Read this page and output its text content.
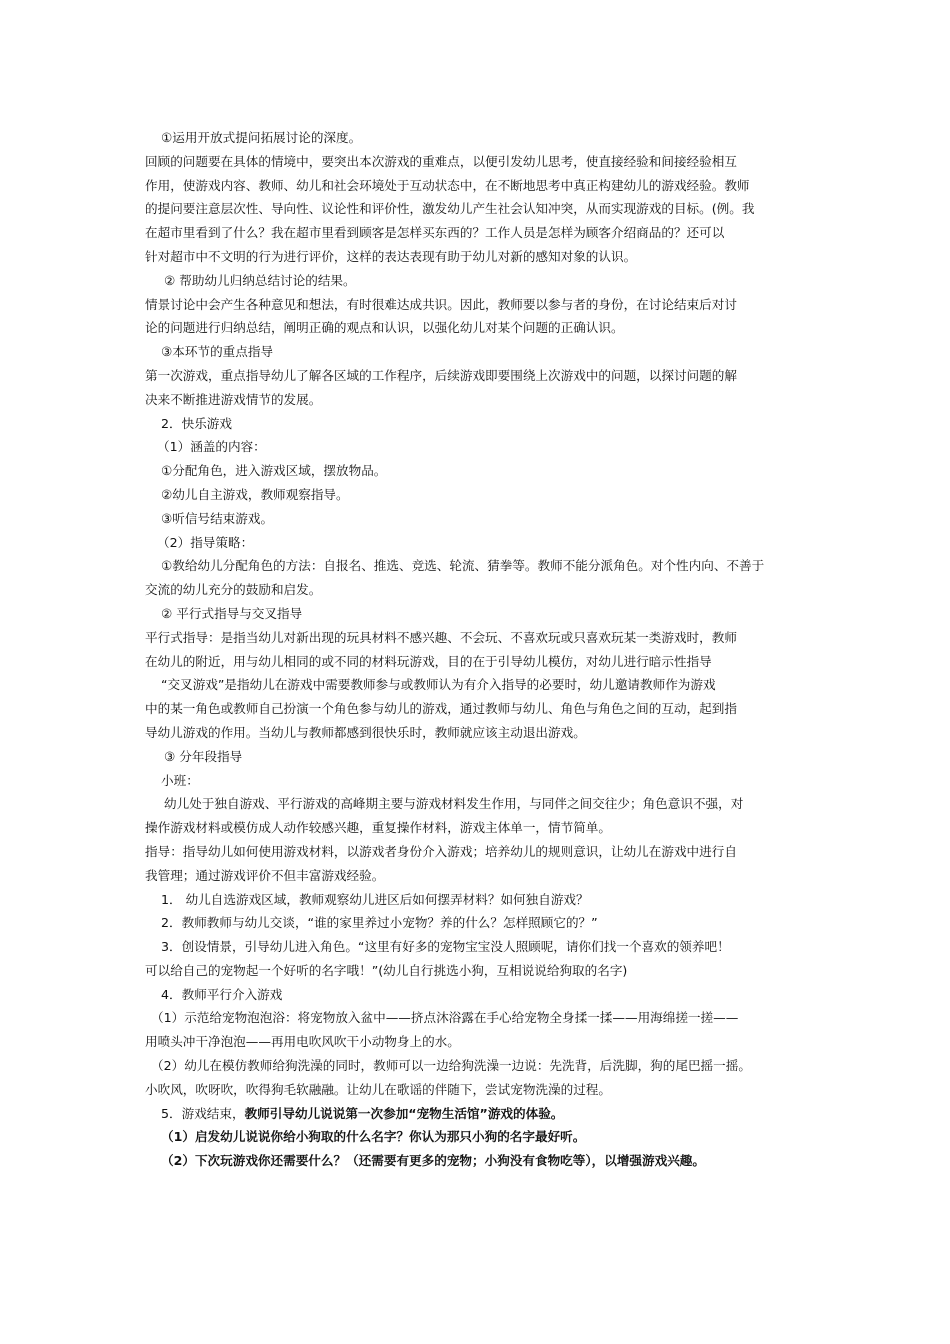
①运用开放式提问拓展讨论的深度。
回顾的问题要在具体的情境中，要突出本次游戏的重难点，以便引发幼儿思考，使直接经验和间接经验相互
作用，使游戏内容、教师、幼儿和社会环境处于互动状态中，在不断地思考中真正构建幼儿的游戏经验。教师
的提问要注意层次性、导向性、议论性和评价性，激发幼儿产生社会认知冲突，从而实现游戏的目标。(例。我
在超市里看到了什么？我在超市里看到顾客是怎样买东西的？工作人员是怎样为顾客介绍商品的？还可以
针对超市中不文明的行为进行评价，这样的表达表现有助于幼儿对新的感知对象的认识。
② 帮助幼儿归纳总结讨论的结果。
情景讨论中会产生各种意见和想法，有时很难达成共识。因此，教师要以参与者的身份，在讨论结束后对讨
论的问题进行归纳总结，阐明正确的观点和认识，以强化幼儿对某个问题的正确认识。
③本环节的重点指导
第一次游戏，重点指导幼儿了解各区域的工作程序，后续游戏即要围绕上次游戏中的问题，以探讨问题的解
决来不断推进游戏情节的发展。
2．快乐游戏
（1）涵盖的内容：
①分配角色，进入游戏区域，摆放物品。
②幼儿自主游戏，教师观察指导。
③听信号结束游戏。
（2）指导策略：
①教给幼儿分配角色的方法：自报名、推选、竞选、轮流、猜拳等。教师不能分派角色。对个性内向、不善于
交流的幼儿充分的鼓励和启发。
② 平行式指导与交叉指导
平行式指导：是指当幼儿对新出现的玩具材料不感兴趣、不会玩、不喜欢玩或只喜欢玩某一类游戏时，教师
在幼儿的附近，用与幼儿相同的或不同的材料玩游戏，目的在于引导幼儿模仿，对幼儿进行暗示性指导
“交叉游戏”是指幼儿在游戏中需要教师参与或教师认为有介入指导的必要时，幼儿邀请教师作为游戏
中的某一角色或教师自己扮演一个角色参与幼儿的游戏，通过教师与幼儿、角色与角色之间的互动，起到指
导幼儿游戏的作用。当幼儿与教师都感到很快乐时，教师就应该主动退出游戏。
③ 分年段指导
小班：
幼儿处于独自游戏、平行游戏的高峰期主要与游戏材料发生作用，与同伴之间交往少；角色意识不强，对
操作游戏材料或模仿成人动作较感兴趣，重复操作材料，游戏主体单一，情节简单。
指导：指导幼儿如何使用游戏材料，以游戏者身份介入游戏；培养幼儿的规则意识，让幼儿在游戏中进行自
我管理；通过游戏评价不但丰富游戏经验。
1． 幼儿自选游戏区域，教师观察幼儿进区后如何摆弄材料？如何独自游戏？
2．教师教师与幼儿交谈，“谁的家里养过小宠物？养的什么？怎样照顾它的？”
3．创设情景，引导幼儿进入角色。“这里有好多的宠物宝宝没人照顾呢，请你们找一个喜欢的领养吧！
可以给自己的宠物起一个好听的名字哦！”(幼儿自行挑选小狗，互相说说给狗取的名字)
4．教师平行介入游戏
（1）示范给宠物泡泡浴：将宠物放入盆中——挤点沐浴露在手心给宠物全身揉一揉——用海绵搓一搓——
用喷头冲干净泡泡——再用电吹风吹干小动物身上的水。
（2）幼儿在模仿教师给狗洗澡的同时，教师可以一边给狗洗澡一边说：先洗背，后洗脚，狗的尾巴摇一摇。
小吹风，吹呀吹，吹得狗毛软融融。让幼儿在歌谣的伴随下，尝试宠物洗澡的过程。
5．游戏结束，教师引导幼儿说说第一次参加“宠物生活馆”游戏的体验。
（1）启发幼儿说说你给小狗取的什么名字？你认为那只小狗的名字最好听。
（2）下次玩游戏你还需要什么？（还需要有更多的宠物；小狗没有食物吃等），以增强游戏兴趣。
